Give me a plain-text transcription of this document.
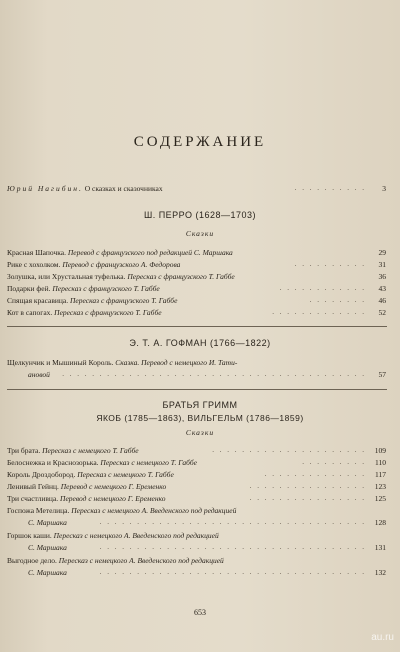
СОДЕРЖАНИЕ
Юрий Нагибин. О сказках и сказочниках	. . . . . . . . . . 3
Ш. ПЕРРО (1628—1703)
Сказки
Красная Шапочка. Перевод с французского под редакцией С. Маршака	29
Рике с хохолком. Перевод с французского А. Федорова	. . . . . . . . . . 31
Золушка, или Хрустальная туфелька. Пересказ с французского Т. Габбе	36
Подарки фей. Пересказ с французского Т. Габбе	. . . . . . . . . . . . 43
Спящая красавица. Пересказ с французского Т. Габбе	. . . . . . . . 46
Кот в сапогах. Пересказ с французского Т. Габбе	. . . . . . . . . . . . . 52
Э. Т. А. ГОФМАН (1766—1822)
Щелкунчик и Мышиный Король. Сказка. Перевод с немецкого И. Тати-
ановой . . . . . . . . . . . . . . . . . . . . . . . . . . . . . . . . . . . . . . . . . 57
БРАТЬЯ ГРИММ
ЯКОБ (1785—1863), ВИЛЬГЕЛЬМ (1786—1859)
Сказки
Три брата. Пересказ с немецкого Т. Габбе	. . . . . . . . . . . . . . . . . . . . . 109
Белоснежка и Краснозорька. Пересказ с немецкого Т. Габбе	. . . . . . . . . 110
Король Дроздобород. Пересказ с немецкого Т. Габбе	. . . . . . . . . . . . . . 117
Ленивый Гейнц. Перевод с немецкого Г. Еременко	. . . . . . . . . . . . . . . . 123
Три счастливца. Перевод с немецкого Г. Еременко	. . . . . . . . . . . . . . . . 125
Госпожа Метелица. Пересказ с немецкого А. Введенского под редакцией
С. Маршака	. . . . . . . . . . . . . . . . . . . . . . . . . . . . . . . . . . . . 128
Горшок каши. Пересказ с немецкого А. Введенского под редакцией
С. Маршака	. . . . . . . . . . . . . . . . . . . . . . . . . . . . . . . . . . . . 131
Выгодное дело. Пересказ с немецкого А. Введенского под редакцией
С. Маршака	. . . . . . . . . . . . . . . . . . . . . . . . . . . . . . . . . . . . 132
653
au.ru
